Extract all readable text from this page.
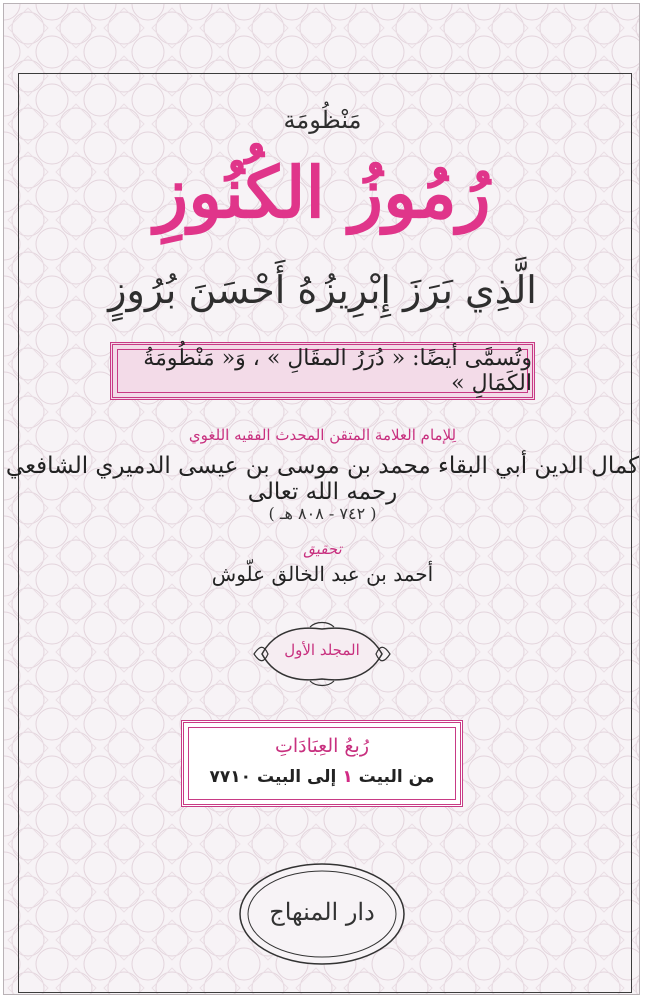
مَنْظُومَة
رُمُوزُ الكُنُوزِ
الَّذِي بَرَزَ إِبْرِيزُهُ أَحْسَنَ بُرُوزٍ
وتُسمَّى أيضًا: « دُرَرُ المقَالِ » ، وَ« مَنْظُومَةُ الكَمَالِ »
لِلإمام العلامة المتقن المحدث الفقيه اللغوي
كمال الدين أبي البقاء محمد بن موسى بن عيسى الدميري الشافعي رحمه الله تعالى
( ٧٤٢ - ٨٠٨ هـ )
تحقيق
أحمد بن عبد الخالق علّوش
المجلد الأول
رُبعُ العِبَادَاتِ
من البيت ١ إلى البيت ٧٧١٠
دار المنهاج
